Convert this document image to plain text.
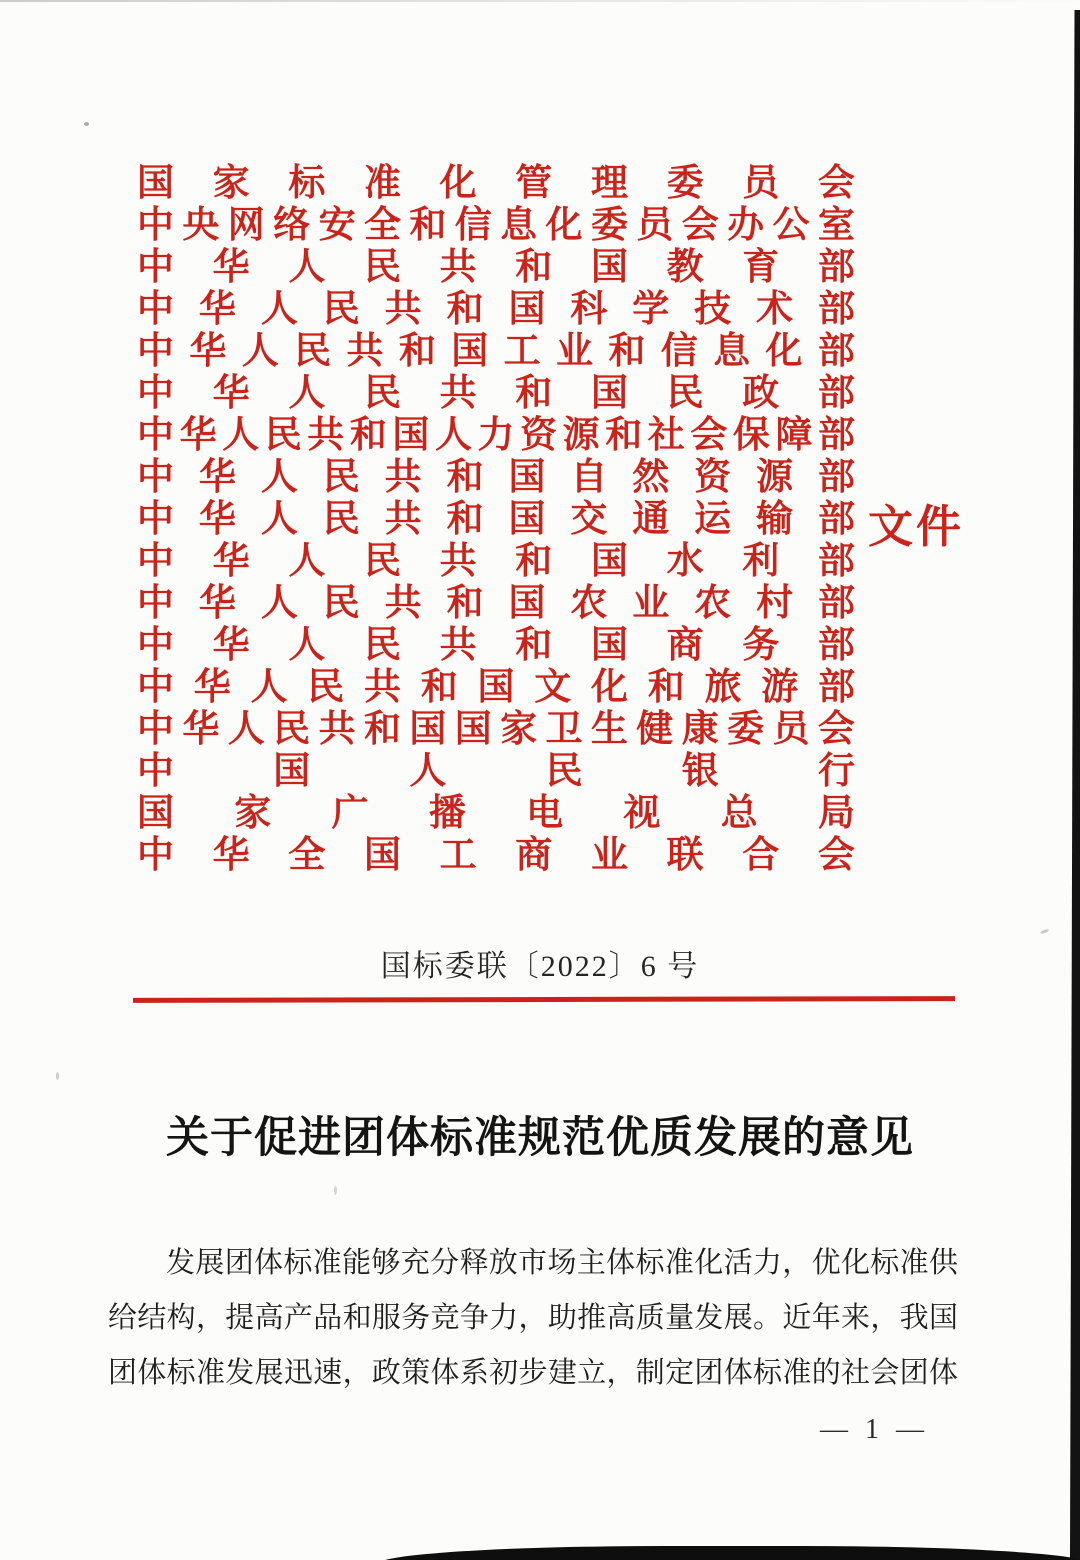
国 家 标 准 化 管 理 委 员 会
中 央 网 络 安 全 和 信 息 化 委 员 会 办 公 室
中 华 人 民 共 和 国 教 育 部
中 华 人 民 共 和 国 科 学 技 术 部
中 华 人 民 共 和 国 工 业 和 信 息 化 部
中 华 人 民 共 和 国 民 政 部
中 华 人 民 共 和 国 人 力 资 源 和 社 会 保 障 部
中 华 人 民 共 和 国 自 然 资 源 部
中 华 人 民 共 和 国 交 通 运 输 部
中 华 人 民 共 和 国 水 利 部
中 华 人 民 共 和 国 农 业 农 村 部
中 华 人 民 共 和 国 商 务 部
中 华 人 民 共 和 国 文 化 和 旅 游 部
中 华 人 民 共 和 国 国 家 卫 生 健 康 委 员 会
中	国	人	民	银	行
国 家 广 播 电 视 总 局
中 华 全 国 工 商 业 联 合 会
文件
国标委联〔2022〕6 号
关于促进团体标准规范优质发展的意见
发展团体标准能够充分释放市场主体标准化活力，优化标准供
给结构，提高产品和服务竞争力，助推高质量发展。近年来，我国
团体标准发展迅速，政策体系初步建立，制定团体标准的社会团体
— 1 —
